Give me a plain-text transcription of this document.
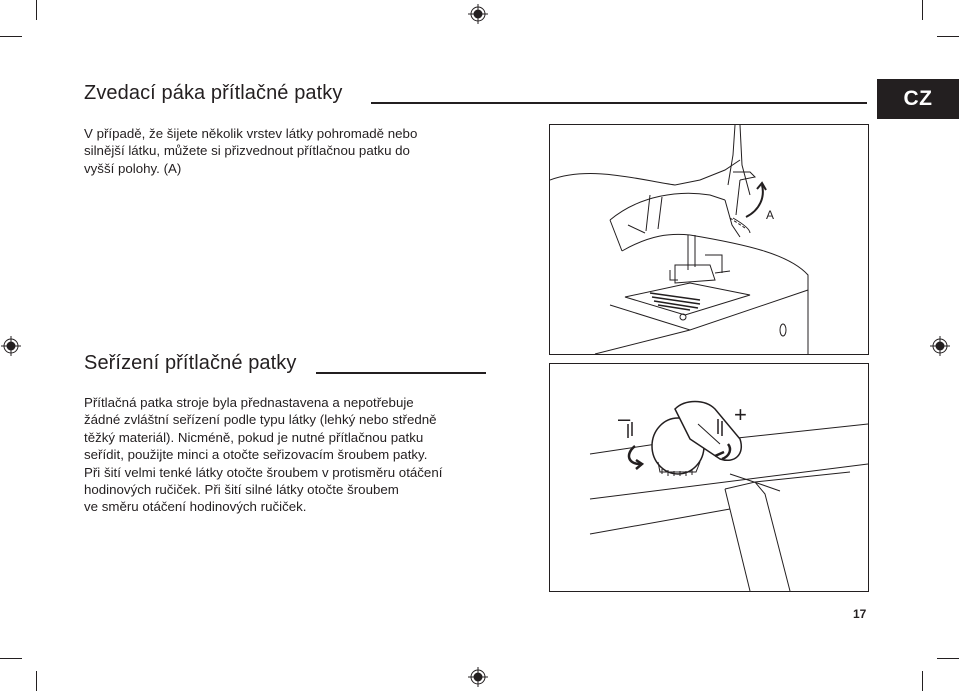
CZ
Zvedací páka přítlačné patky
V případě, že šijete několik vrstev látky pohromadě nebo
silnější látku, můžete si přizvednout přítlačnou patku do
vyšší polohy. (A)
A
Seřízení přítlačné patky
Přítlačná patka stroje byla přednastavena a nepotřebuje
žádné zvláštní seřízení podle typu látky (lehký nebo středně
těžký materiál). Nicméně, pokud je nutné přítlačnou patku
seřídit, použijte minci a otočte seřizovacím šroubem patky.
Při šití velmi tenké látky otočte šroubem v protisměru otáčení
hodinových ručiček. Při šití silné látky otočte šroubem
ve směru otáčení hodinových ručiček.
–	+
17
